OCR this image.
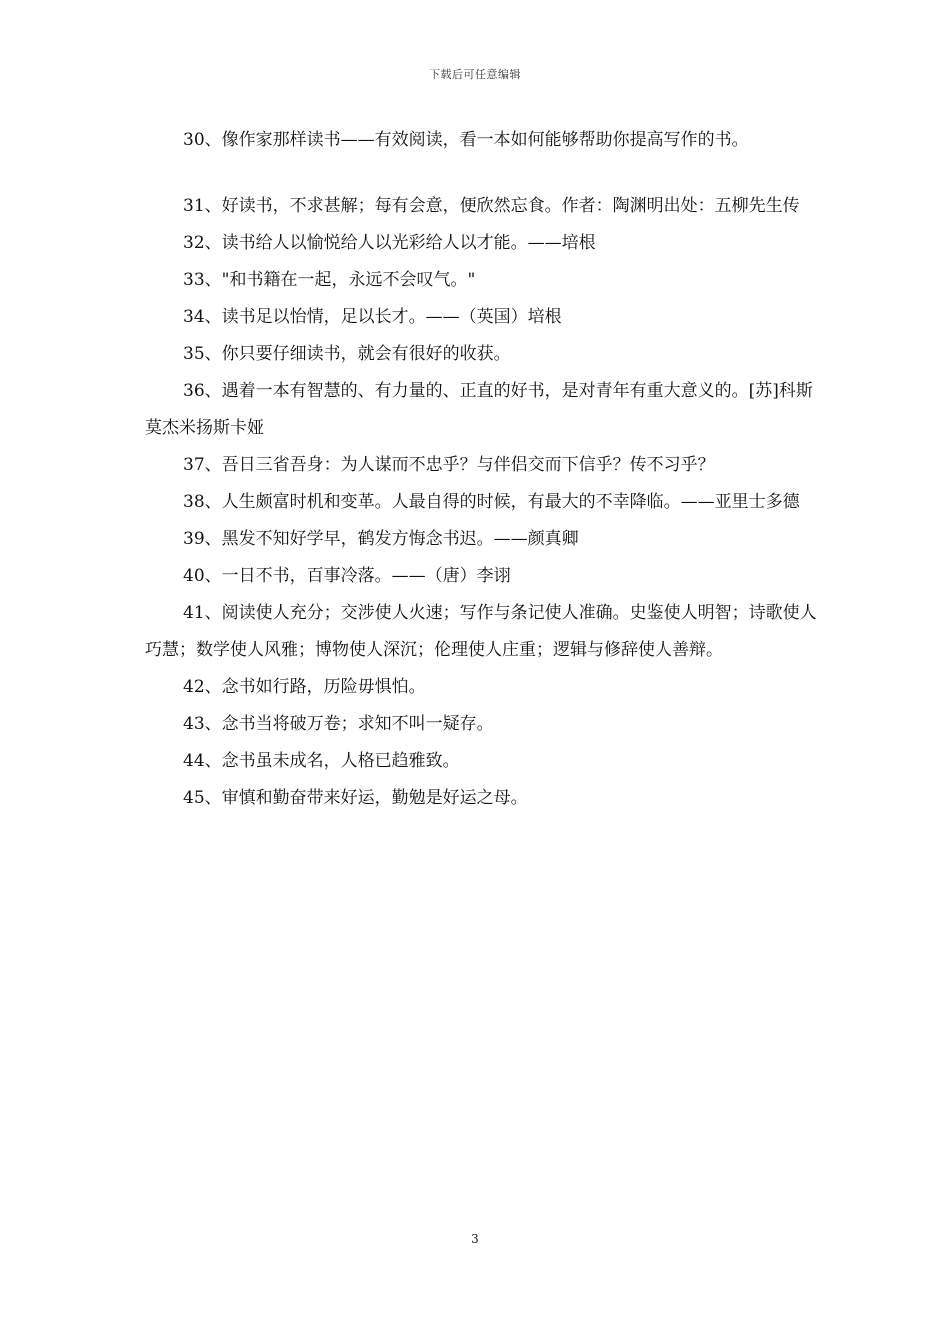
下载后可任意编辑

30、像作家那样读书——有效阅读，看一本如何能够帮助你提高写作的书。

31、好读书，不求甚解；每有会意，便欣然忘食。作者：陶渊明出处：五柳先生传

32、读书给人以愉悦给人以光彩给人以才能。——培根

33、"和书籍在一起，永远不会叹气。"

34、读书足以怡情，足以长才。——（英国）培根

35、你只要仔细读书，就会有很好的收获。

36、遇着一本有智慧的、有力量的、正直的好书，是对青年有重大意义的。[苏]科斯莫杰米扬斯卡娅

37、吾日三省吾身：为人谋而不忠乎？与伴侣交而下信乎？传不习乎？

38、人生颇富时机和变革。人最自得的时候，有最大的不幸降临。——亚里士多德

39、黑发不知好学早，鹤发方悔念书迟。——颜真卿

40、一日不书，百事冷落。——（唐）李诩

41、阅读使人充分；交涉使人火速；写作与条记使人准确。史鉴使人明智；诗歌使人巧慧；数学使人风雅；博物使人深沉；伦理使人庄重；逻辑与修辞使人善辩。

42、念书如行路，历险毋惧怕。

43、念书当将破万卷；求知不叫一疑存。

44、念书虽未成名，人格已趋雅致。

45、审慎和勤奋带来好运，勤勉是好运之母。

3
